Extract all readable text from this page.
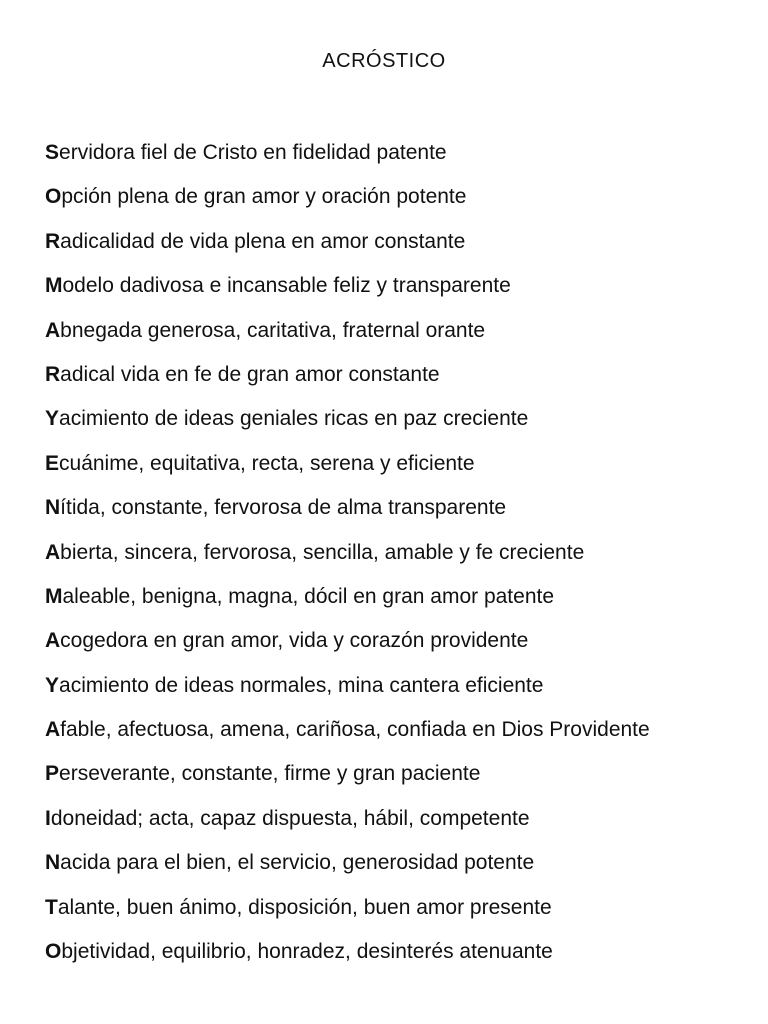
ACRÓSTICO
Servidora fiel de Cristo en fidelidad patente
Opción plena de gran amor y oración potente
Radicalidad de vida plena en amor constante
Modelo dadivosa e incansable feliz y transparente
Abnegada generosa, caritativa, fraternal orante
Radical vida en fe de gran amor constante
Yacimiento de ideas geniales ricas en paz creciente
Ecuánime, equitativa, recta, serena y eficiente
Nítida, constante, fervorosa de alma transparente
Abierta, sincera, fervorosa, sencilla, amable y fe creciente
Maleable, benigna, magna, dócil en gran amor patente
Acogedora en gran amor, vida y corazón providente
Yacimiento de ideas normales, mina cantera eficiente
Afable, afectuosa, amena, cariñosa, confiada en Dios Providente
Perseverante, constante, firme y gran paciente
Idoneidad; acta, capaz dispuesta, hábil, competente
Nacida para el bien, el servicio, generosidad potente
Talante, buen ánimo, disposición, buen amor presente
Objetividad, equilibrio, honradez, desinterés atenuante
